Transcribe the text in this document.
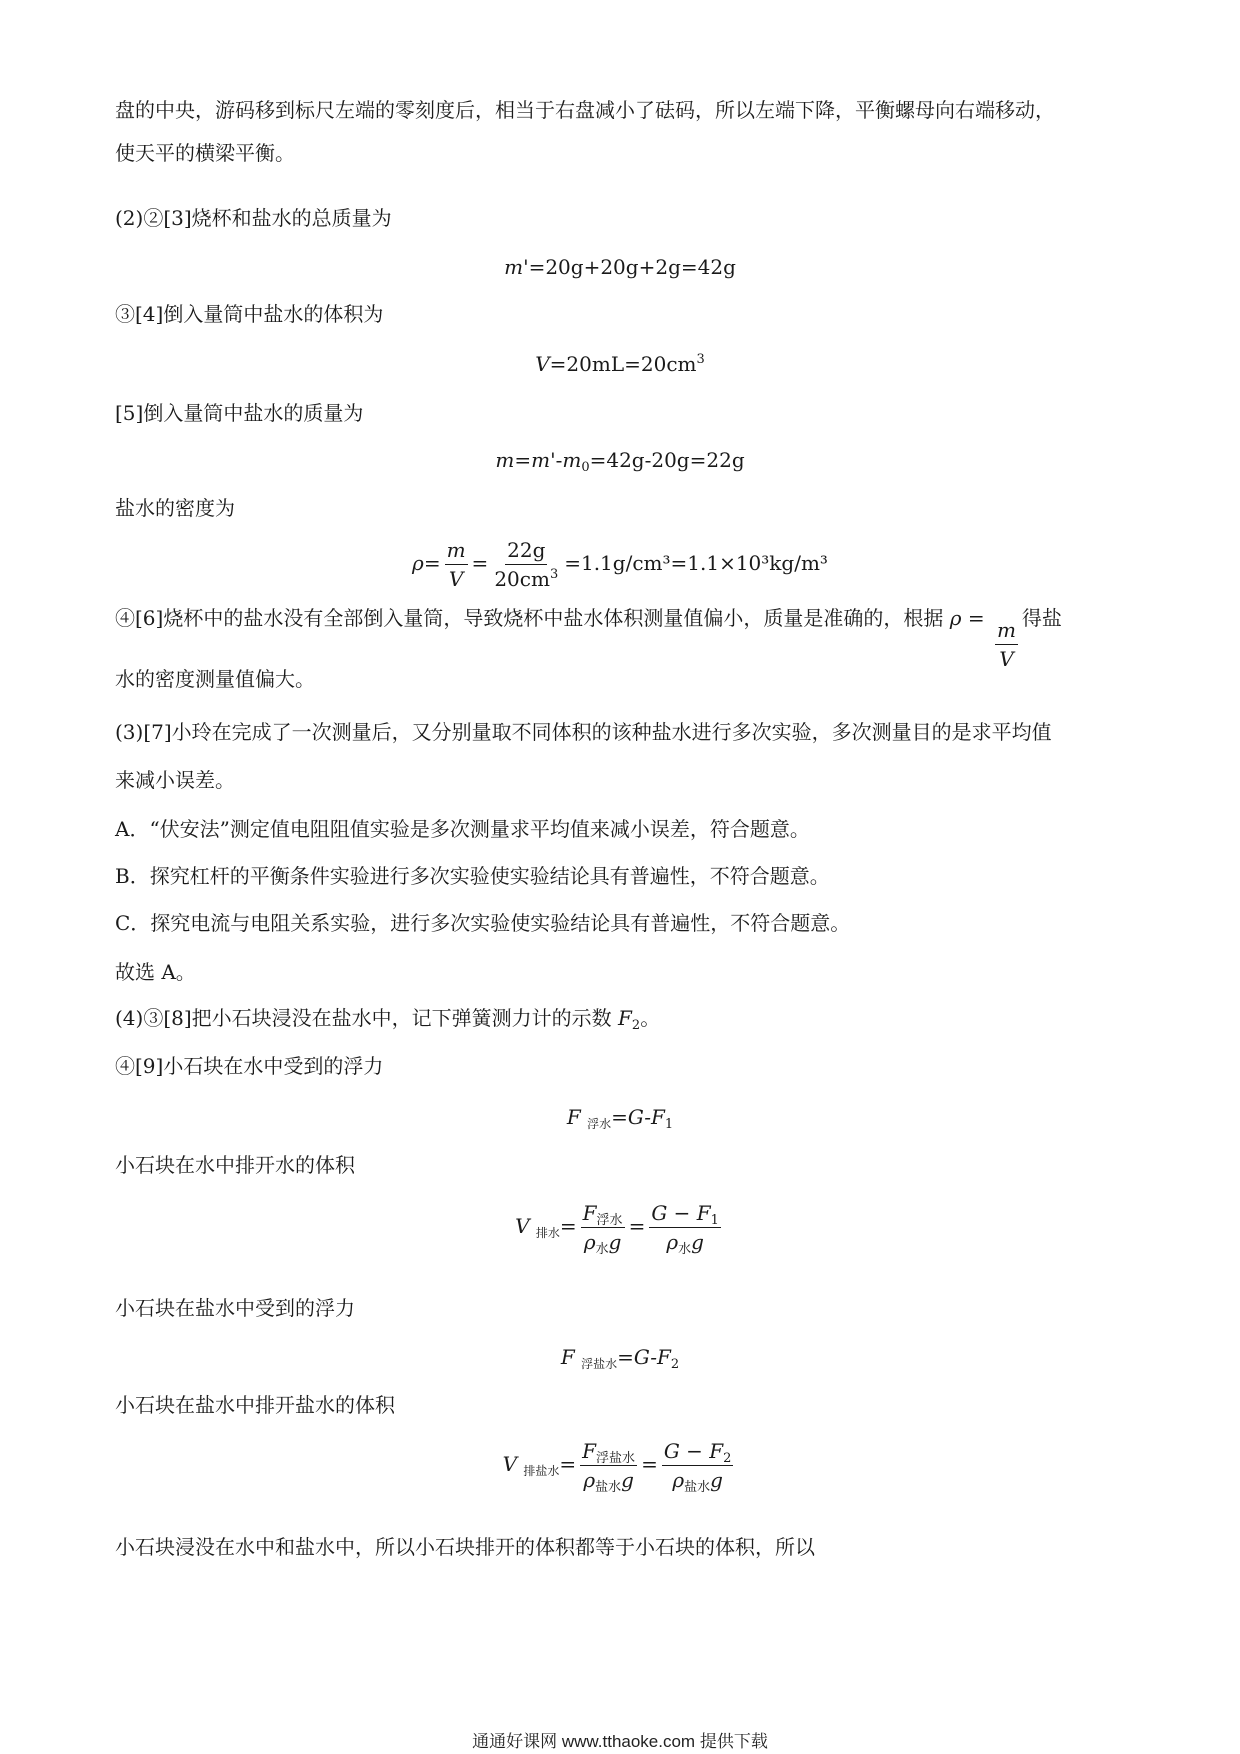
盘的中央，游码移到标尺左端的零刻度后，相当于右盘减小了砝码，所以左端下降，平衡螺母向右端移动，
使天平的横梁平衡。
(2)②[3]烧杯和盐水的总质量为
m'=20g+20g+2g=42g
③[4]倒入量筒中盐水的体积为
$V=20mL=20cm^3$
[5]倒入量筒中盐水的质量为
$m=m'-m_0=42g-20g=22g$
盐水的密度为
$\rho= \frac{m}{V} = \frac{22g}{20cm^3} =1.1g/cm^3=1.1\times 10^3kg/m^3$
④[6]烧杯中的盐水没有全部倒入量筒，导致烧杯中盐水体积测量值偏小，质量是准确的，根据 $\rho = \frac{m}{V}$ 得盐
水的密度测量值偏大。
(3)[7]小玲在完成了一次测量后，又分别量取不同体积的该种盐水进行多次实验，多次测量目的是求平均值
来减小误差。
A．“伏安法”测定值电阻阻值实验是多次测量求平均值来减小误差，符合题意。
B．探究杠杆的平衡条件实验进行多次实验使实验结论具有普遍性，不符合题意。
C．探究电流与电阻关系实验，进行多次实验使实验结论具有普遍性，不符合题意。
故选 A。
(4)③[8]把小石块浸没在盐水中，记下弹簧测力计的示数 $F_2$。
④[9]小石块在水中受到的浮力
F $_{浮水}=G-F_1$
小石块在水中排开水的体积
V $_{排水}= \frac{F_{浮水}}{\rho_水g} = \frac{G - F_1}{\rho_水g}$
小石块在盐水中受到的浮力
F $_{浮盐水}=G-F_2$
小石块在盐水中排开盐水的体积
V $_{排盐水}= \frac{F_{浮盐水}}{\rho_{盐水}g} = \frac{G - F_2}{\rho_{盐水}g}$
小石块浸没在水中和盐水中，所以小石块排开的体积都等于小石块的体积，所以
通通好课网 www.tthaoke.com 提供下载
